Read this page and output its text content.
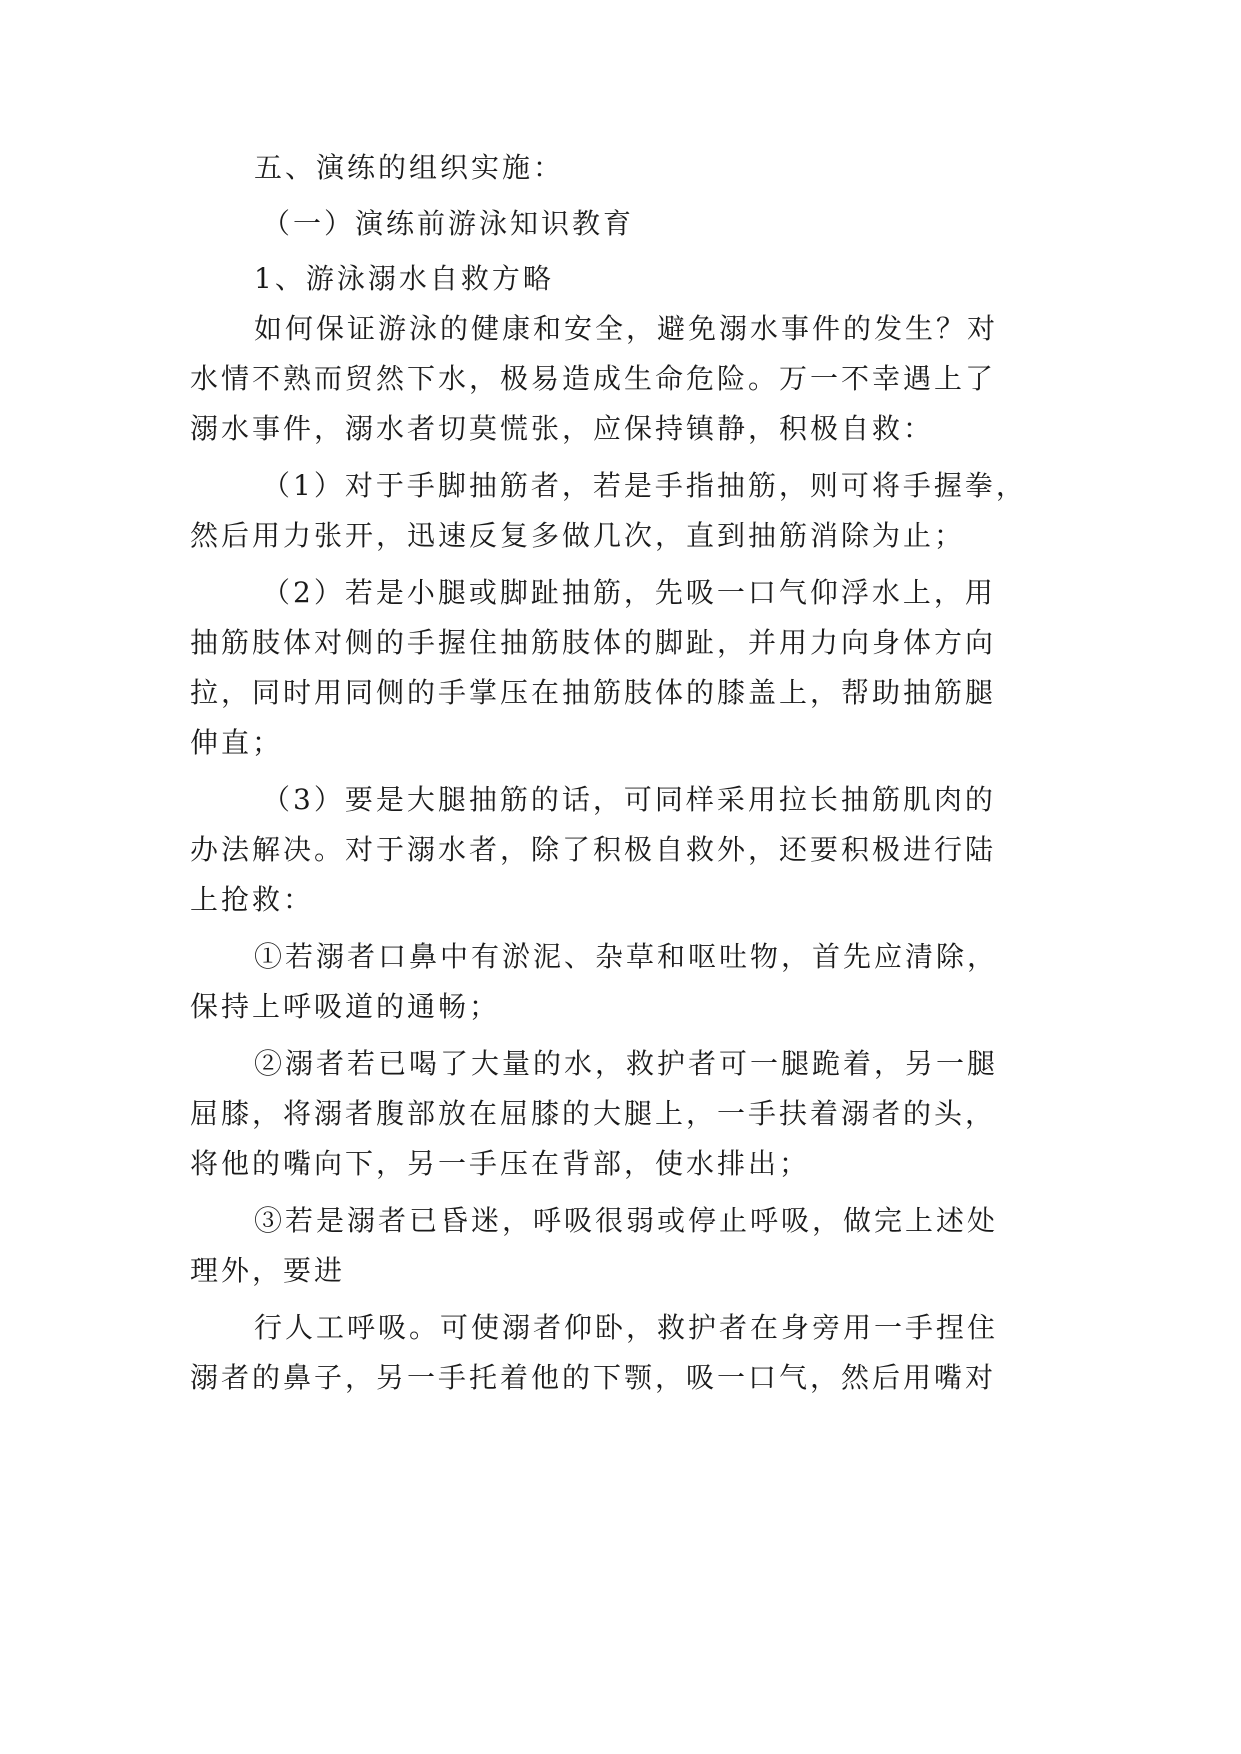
五、演练的组织实施：
（一）演练前游泳知识教育
1、游泳溺水自救方略
如何保证游泳的健康和安全，避免溺水事件的发生？对
水情不熟而贸然下水，极易造成生命危险。万一不幸遇上了
溺水事件，溺水者切莫慌张，应保持镇静，积极自救：
（1）对于手脚抽筋者，若是手指抽筋，则可将手握拳，
然后用力张开，迅速反复多做几次，直到抽筋消除为止；
（2）若是小腿或脚趾抽筋，先吸一口气仰浮水上，用
抽筋肢体对侧的手握住抽筋肢体的脚趾，并用力向身体方向
拉，同时用同侧的手掌压在抽筋肢体的膝盖上，帮助抽筋腿
伸直；
（3）要是大腿抽筋的话，可同样采用拉长抽筋肌肉的
办法解决。对于溺水者，除了积极自救外，还要积极进行陆
上抢救：
①若溺者口鼻中有淤泥、杂草和呕吐物，首先应清除，
保持上呼吸道的通畅；
②溺者若已喝了大量的水，救护者可一腿跪着，另一腿
屈膝，将溺者腹部放在屈膝的大腿上，一手扶着溺者的头，
将他的嘴向下，另一手压在背部，使水排出；
③若是溺者已昏迷，呼吸很弱或停止呼吸，做完上述处
理外，要进
行人工呼吸。可使溺者仰卧，救护者在身旁用一手捏住
溺者的鼻子，另一手托着他的下颚，吸一口气，然后用嘴对
